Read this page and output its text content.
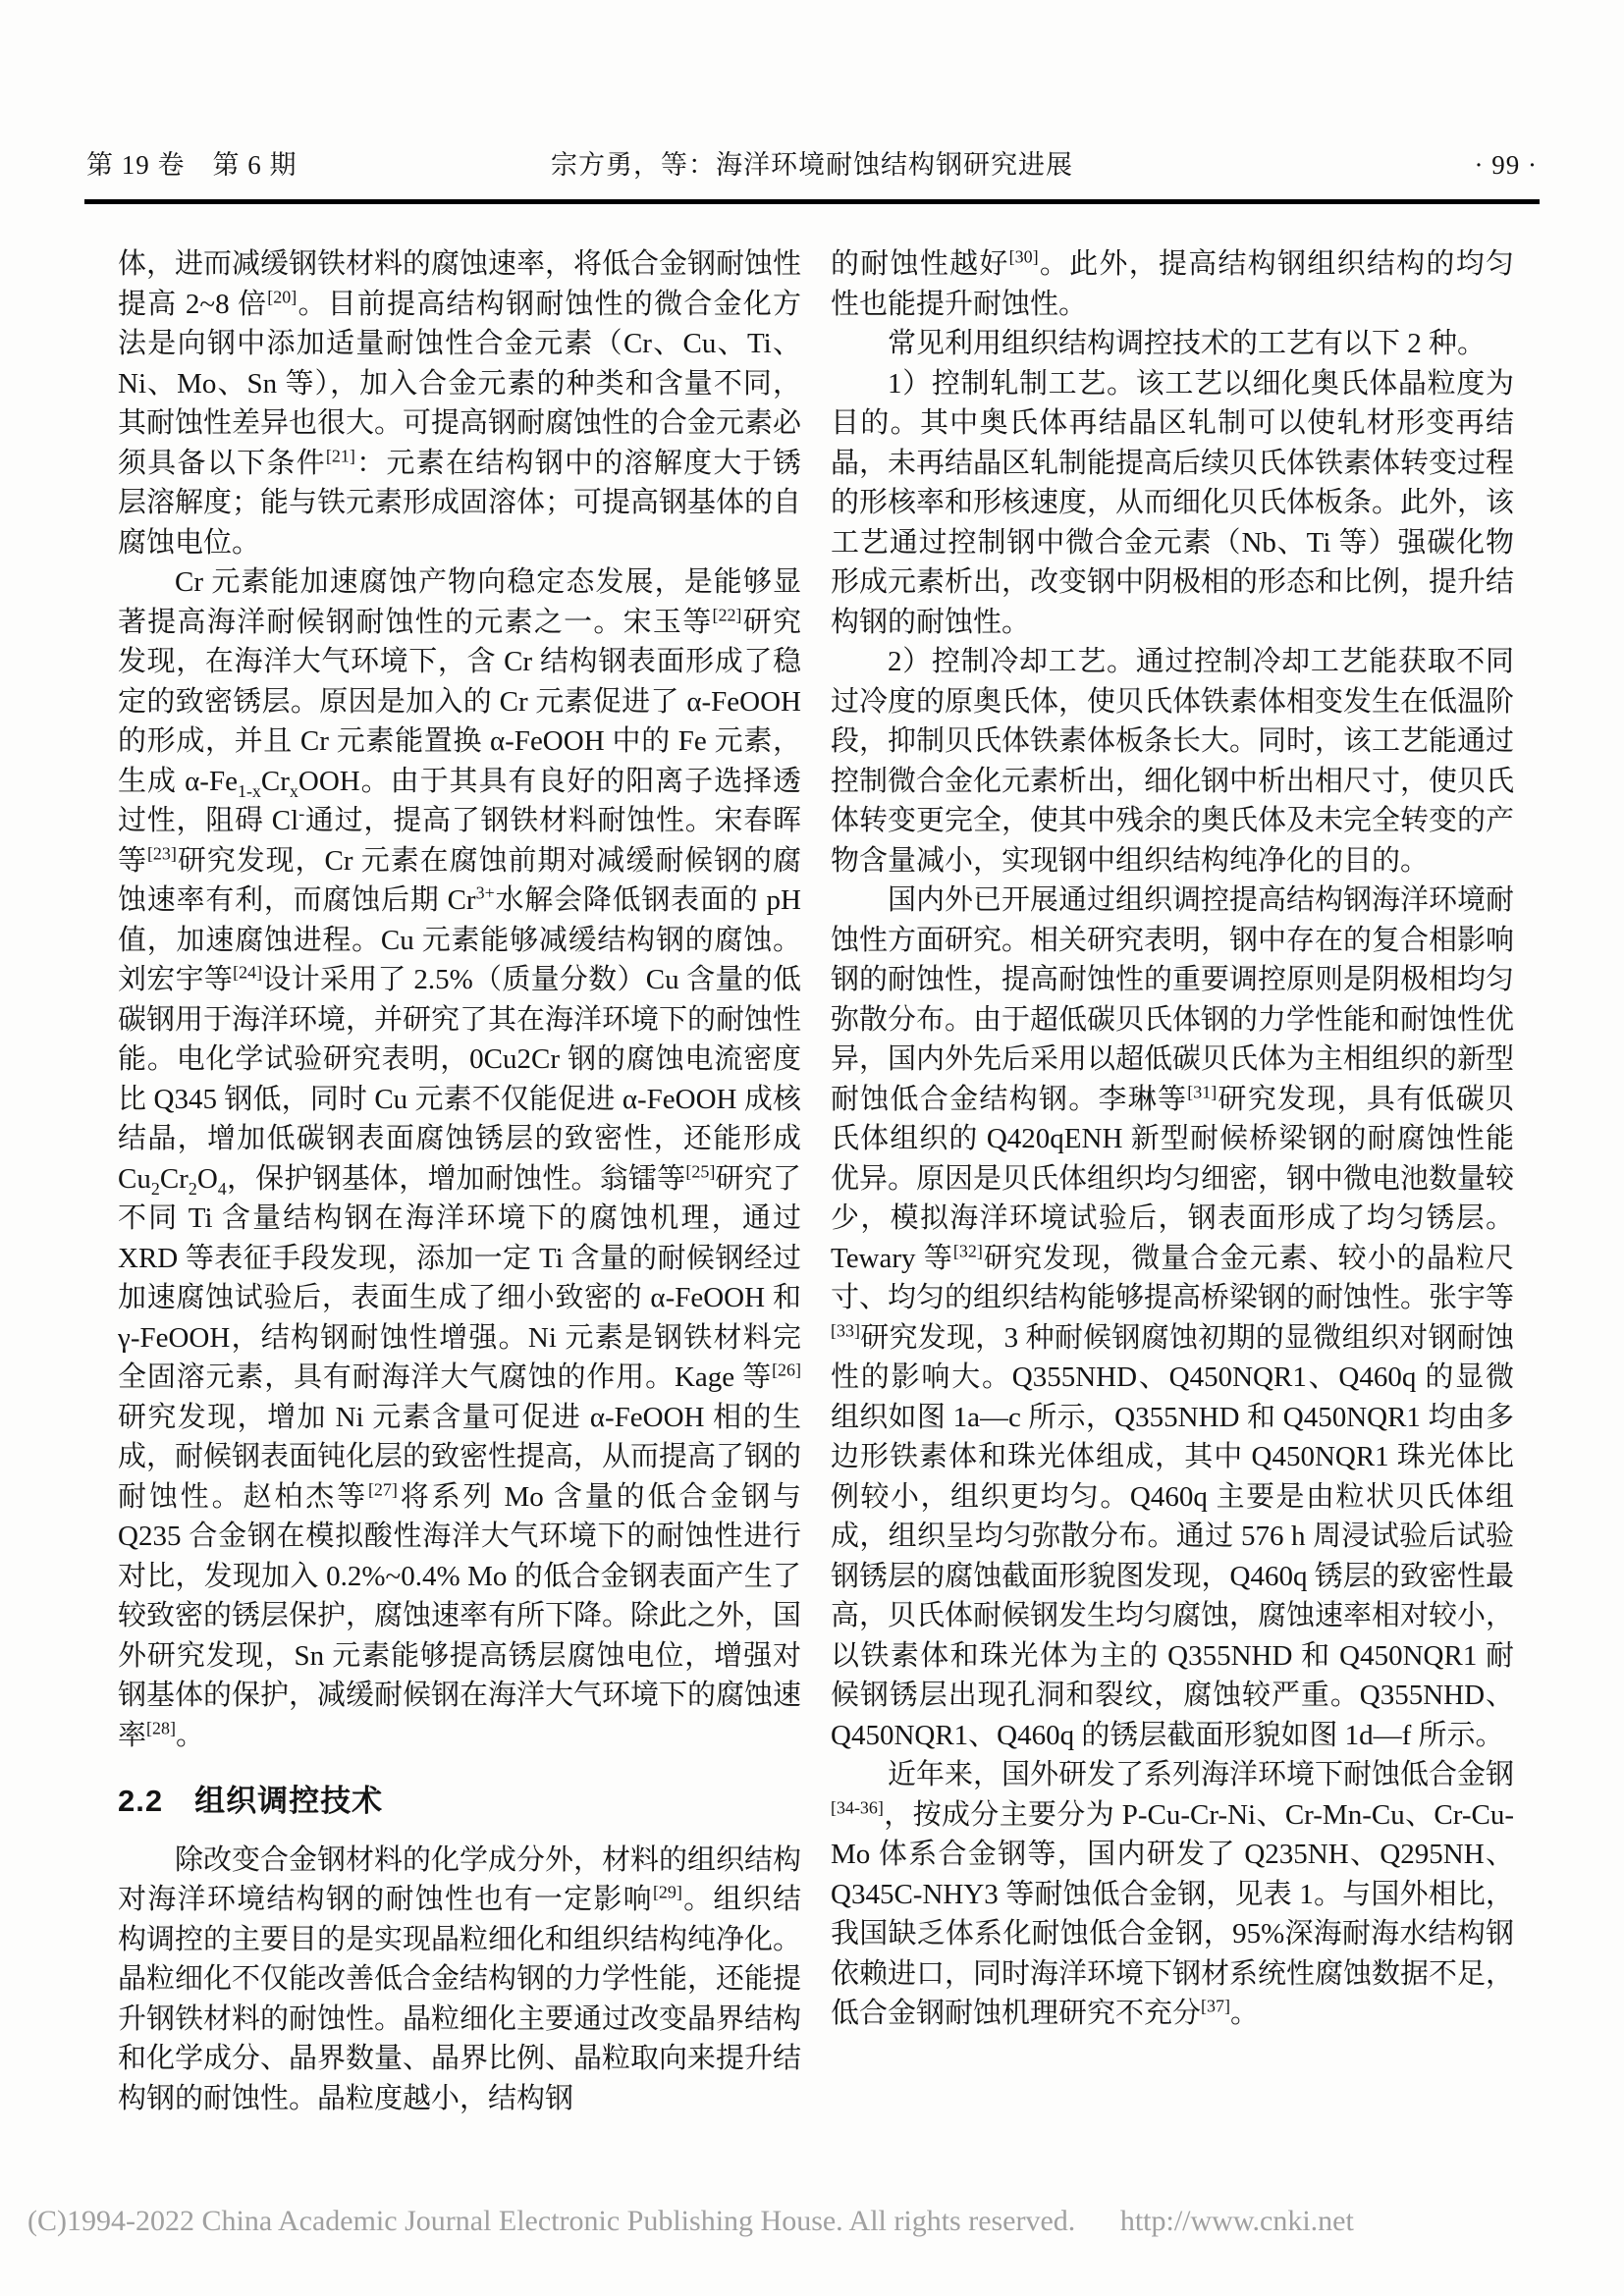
第 19 卷　第 6 期	宗方勇，等：海洋环境耐蚀结构钢研究进展	· 99 ·

体，进而减缓钢铁材料的腐蚀速率，将低合金钢耐蚀性提高 2~8 倍[20]。目前提高结构钢耐蚀性的微合金化方法是向钢中添加适量耐蚀性合金元素（Cr、Cu、Ti、Ni、Mo、Sn 等），加入合金元素的种类和含量不同，其耐蚀性差异也很大。可提高钢耐腐蚀性的合金元素必须具备以下条件[21]：元素在结构钢中的溶解度大于锈层溶解度；能与铁元素形成固溶体；可提高钢基体的自腐蚀电位。

Cr 元素能加速腐蚀产物向稳定态发展，是能够显著提高海洋耐候钢耐蚀性的元素之一。宋玉等[22]研究发现，在海洋大气环境下，含 Cr 结构钢表面形成了稳定的致密锈层。原因是加入的 Cr 元素促进了 α-FeOOH 的形成，并且 Cr 元素能置换 α-FeOOH 中的 Fe 元素，生成 $\alpha-Fe_{1-x}Cr_xOOH$。由于其具有良好的阳离子选择透过性，阻碍 Cl-通过，提高了钢铁材料耐蚀性。宋春晖等[23]研究发现，Cr 元素在腐蚀前期对减缓耐候钢的腐蚀速率有利，而腐蚀后期 $Cr^{3+}$水解会降低钢表面的 pH 值，加速腐蚀进程。Cu 元素能够减缓结构钢的腐蚀。刘宏宇等[24]设计采用了 2.5%（质量分数）Cu 含量的低碳钢用于海洋环境，并研究了其在海洋环境下的耐蚀性能。电化学试验研究表明，0Cu2Cr 钢的腐蚀电流密度比 Q345 钢低，同时 Cu 元素不仅能促进 α-FeOOH 成核结晶，增加低碳钢表面腐蚀锈层的致密性，还能形成 $Cu_2Cr_2O_4$，保护钢基体，增加耐蚀性。翁镭等[25]研究了不同 Ti 含量结构钢在海洋环境下的腐蚀机理，通过 XRD 等表征手段发现，添加一定 Ti 含量的耐候钢经过加速腐蚀试验后，表面生成了细小致密的 α-FeOOH 和 γ-FeOOH，结构钢耐蚀性增强。Ni 元素是钢铁材料完全固溶元素，具有耐海洋大气腐蚀的作用。Kage 等[26]研究发现，增加 Ni 元素含量可促进 α-FeOOH 相的生成，耐候钢表面钝化层的致密性提高，从而提高了钢的耐蚀性。赵柏杰等[27]将系列 Mo 含量的低合金钢与 Q235 合金钢在模拟酸性海洋大气环境下的耐蚀性进行对比，发现加入 0.2%~0.4% Mo 的低合金钢表面产生了较致密的锈层保护，腐蚀速率有所下降。除此之外，国外研究发现，Sn 元素能够提高锈层腐蚀电位，增强对钢基体的保护，减缓耐候钢在海洋大气环境下的腐蚀速率[28]。

2.2　组织调控技术

除改变合金钢材料的化学成分外，材料的组织结构对海洋环境结构钢的耐蚀性也有一定影响[29]。组织结构调控的主要目的是实现晶粒细化和组织结构纯净化。晶粒细化不仅能改善低合金结构钢的力学性能，还能提升钢铁材料的耐蚀性。晶粒细化主要通过改变晶界结构和化学成分、晶界数量、晶界比例、晶粒取向来提升结构钢的耐蚀性。晶粒度越小，结构钢

的耐蚀性越好[30]。此外，提高结构钢组织结构的均匀性也能提升耐蚀性。

常见利用组织结构调控技术的工艺有以下 2 种。

1）控制轧制工艺。该工艺以细化奥氏体晶粒度为目的。其中奥氏体再结晶区轧制可以使轧材形变再结晶，未再结晶区轧制能提高后续贝氏体铁素体转变过程的形核率和形核速度，从而细化贝氏体板条。此外，该工艺通过控制钢中微合金元素（Nb、Ti 等）强碳化物形成元素析出，改变钢中阴极相的形态和比例，提升结构钢的耐蚀性。

2）控制冷却工艺。通过控制冷却工艺能获取不同过冷度的原奥氏体，使贝氏体铁素体相变发生在低温阶段，抑制贝氏体铁素体板条长大。同时，该工艺能通过控制微合金化元素析出，细化钢中析出相尺寸，使贝氏体转变更完全，使其中残余的奥氏体及未完全转变的产物含量减小，实现钢中组织结构纯净化的目的。

国内外已开展通过组织调控提高结构钢海洋环境耐蚀性方面研究。相关研究表明，钢中存在的复合相影响钢的耐蚀性，提高耐蚀性的重要调控原则是阴极相均匀弥散分布。由于超低碳贝氏体钢的力学性能和耐蚀性优异，国内外先后采用以超低碳贝氏体为主相组织的新型耐蚀低合金结构钢。李琳等[31]研究发现，具有低碳贝氏体组织的 Q420qENH 新型耐候桥梁钢的耐腐蚀性能优异。原因是贝氏体组织均匀细密，钢中微电池数量较少，模拟海洋环境试验后，钢表面形成了均匀锈层。Tewary 等[32]研究发现，微量合金元素、较小的晶粒尺寸、均匀的组织结构能够提高桥梁钢的耐蚀性。张宇等[33]研究发现，3 种耐候钢腐蚀初期的显微组织对钢耐蚀性的影响大。Q355NHD、Q450NQR1、Q460q 的显微组织如图 1a—c 所示，Q355NHD 和 Q450NQR1 均由多边形铁素体和珠光体组成，其中 Q450NQR1 珠光体比例较小，组织更均匀。Q460q 主要是由粒状贝氏体组成，组织呈均匀弥散分布。通过 576 h 周浸试验后试验钢锈层的腐蚀截面形貌图发现，Q460q 锈层的致密性最高，贝氏体耐候钢发生均匀腐蚀，腐蚀速率相对较小，以铁素体和珠光体为主的 Q355NHD 和 Q450NQR1 耐候钢锈层出现孔洞和裂纹，腐蚀较严重。Q355NHD、Q450NQR1、Q460q 的锈层截面形貌如图 1d—f 所示。

近年来，国外研发了系列海洋环境下耐蚀低合金钢[34-36]，按成分主要分为 P-Cu-Cr-Ni、Cr-Mn-Cu、Cr-Cu-Mo 体系合金钢等，国内研发了 Q235NH、Q295NH、Q345C-NHY3 等耐蚀低合金钢，见表 1。与国外相比，我国缺乏体系化耐蚀低合金钢，95%深海耐海水结构钢依赖进口，同时海洋环境下钢材系统性腐蚀数据不足，低合金钢耐蚀机理研究不充分[37]。

(C)1994-2022 China Academic Journal Electronic Publishing House. All rights reserved. http://www.cnki.net
